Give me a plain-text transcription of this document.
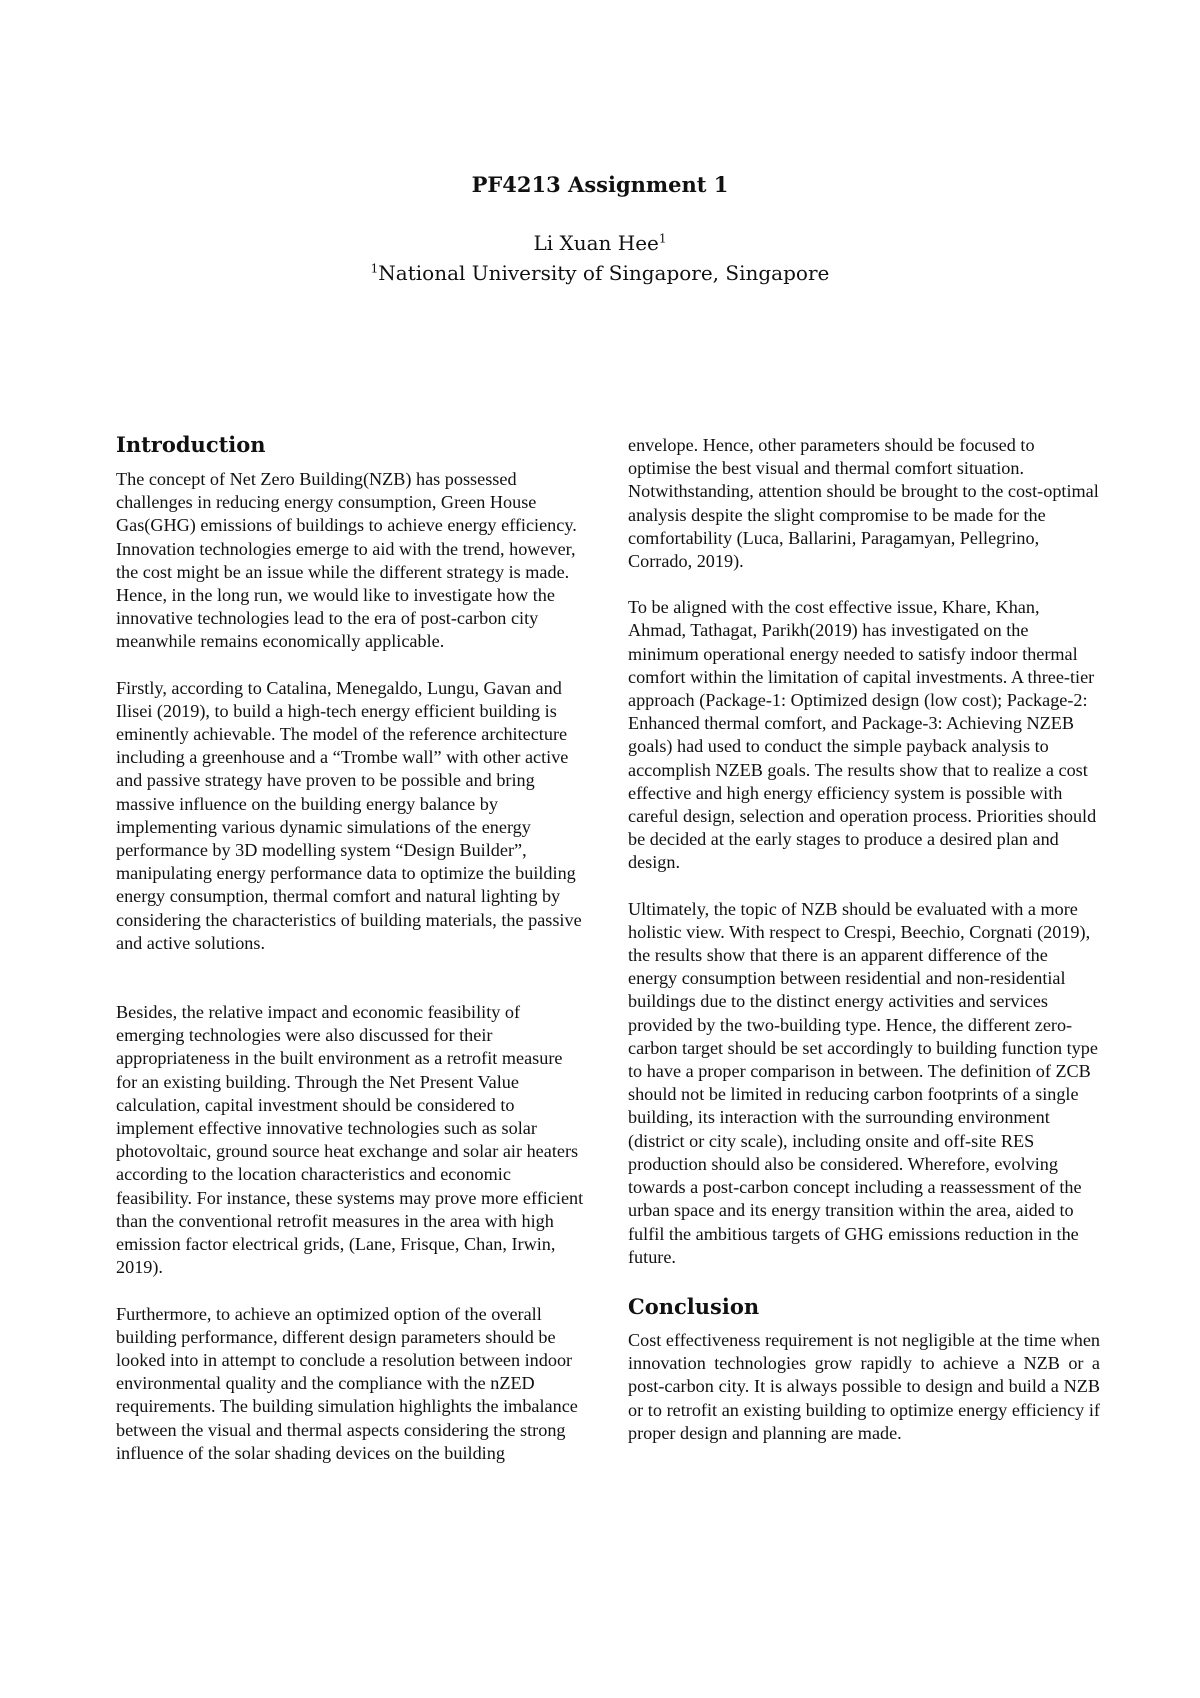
PF4213 Assignment 1
Li Xuan Hee$^1$
$^1$National University of Singapore, Singapore
Introduction

The concept of Net Zero Building(NZB) has possessed challenges in reducing energy consumption, Green House Gas(GHG) emissions of buildings to achieve energy efficiency. Innovation technologies emerge to aid with the trend, however, the cost might be an issue while the different strategy is made. Hence, in the long run, we would like to investigate how the innovative technologies lead to the era of post-carbon city meanwhile remains economically applicable.

Firstly, according to Catalina, Menegaldo, Lungu, Gavan and Ilisei (2019), to build a high-tech energy efficient building is eminently achievable. The model of the reference architecture including a greenhouse and a “Trombe wall” with other active and passive strategy have proven to be possible and bring massive influence on the building energy balance by implementing various dynamic simulations of the energy performance by 3D modelling system “Design Builder”, manipulating energy performance data to optimize the building energy consumption, thermal comfort and natural lighting by considering the characteristics of building materials, the passive and active solutions.

Besides, the relative impact and economic feasibility of emerging technologies were also discussed for their appropriateness in the built environment as a retrofit measure for an existing building. Through the Net Present Value calculation, capital investment should be considered to implement effective innovative technologies such as solar photovoltaic, ground source heat exchange and solar air heaters according to the location characteristics and economic feasibility. For instance, these systems may prove more efficient than the conventional retrofit measures in the area with high emission factor electrical grids, (Lane, Frisque, Chan, Irwin, 2019).

Furthermore, to achieve an optimized option of the overall building performance, different design parameters should be looked into in attempt to conclude a resolution between indoor environmental quality and the compliance with the nZED requirements. The building simulation highlights the imbalance between the visual and thermal aspects considering the strong influence of the solar shading devices on the building

envelope. Hence, other parameters should be focused to optimise the best visual and thermal comfort situation. Notwithstanding, attention should be brought to the cost-optimal analysis despite the slight compromise to be made for the comfortability (Luca, Ballarini, Paragamyan, Pellegrino, Corrado, 2019).

To be aligned with the cost effective issue, Khare, Khan, Ahmad, Tathagat, Parikh(2019) has investigated on the minimum operational energy needed to satisfy indoor thermal comfort within the limitation of capital investments. A three-tier approach (Package-1: Optimized design (low cost); Package-2: Enhanced thermal comfort, and Package-3: Achieving NZEB goals) had used to conduct the simple payback analysis to accomplish NZEB goals. The results show that to realize a cost effective and high energy efficiency system is possible with careful design, selection and operation process. Priorities should be decided at the early stages to produce a desired plan and design.

Ultimately, the topic of NZB should be evaluated with a more holistic view. With respect to Crespi, Beechio, Corgnati (2019), the results show that there is an apparent difference of the energy consumption between residential and non-residential buildings due to the distinct energy activities and services provided by the two-building type. Hence, the different zero-carbon target should be set accordingly to building function type to have a proper comparison in between. The definition of ZCB should not be limited in reducing carbon footprints of a single building, its interaction with the surrounding environment (district or city scale), including onsite and off-site RES production should also be considered. Wherefore, evolving towards a post-carbon concept including a reassessment of the urban space and its energy transition within the area, aided to fulfil the ambitious targets of GHG emissions reduction in the future.

Conclusion

Cost effectiveness requirement is not negligible at the time when innovation technologies grow rapidly to achieve a NZB or a post-carbon city. It is always possible to design and build a NZB or to retrofit an existing building to optimize energy efficiency if proper design and planning are made.
